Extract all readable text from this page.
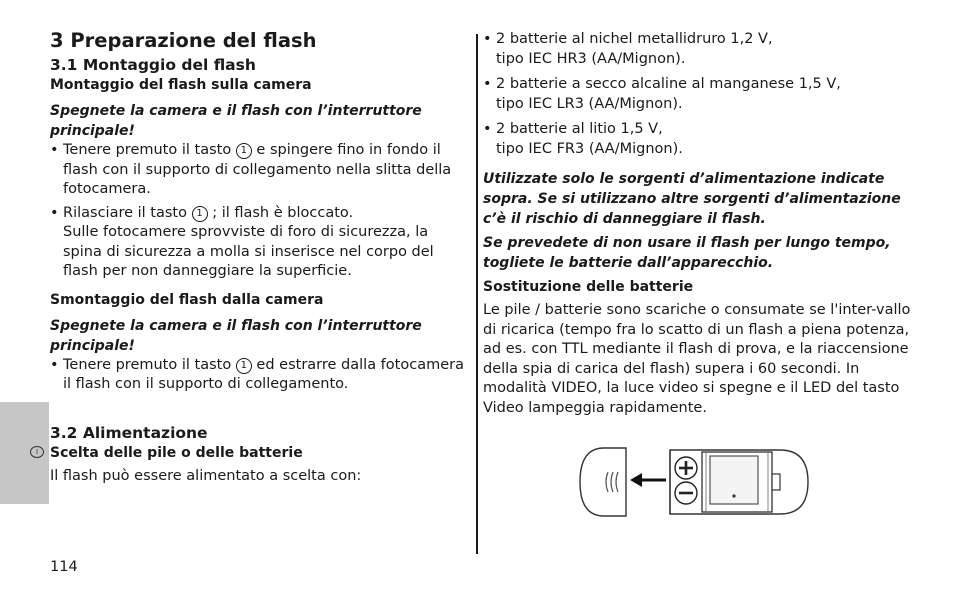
I
3 Preparazione del flash
3.1 Montaggio del flash
Montaggio del flash sulla camera

Spegnete la camera e il flash con l’interruttore principale!

• Tenere premuto il tasto 1 e spingere fino in fondo il flash con il supporto di collegamento nella slitta della fotocamera.
• Rilasciare il tasto 1 ; il flash è bloccato.
Sulle fotocamere sprovviste di foro di sicurezza, la spina di sicurezza a molla si inserisce nel corpo del flash per non danneggiare la superficie.
Smontaggio del flash dalla camera

Spegnete la camera e il flash con l’interruttore principale!

• Tenere premuto il tasto 1 ed estrarre dalla fotocamera il flash con il supporto di collegamento.
3.2 Alimentazione
Scelta delle pile o delle batterie

Il flash può essere alimentato a scelta con:

• 2 batterie al nichel metallidruro 1,2 V,
tipo IEC HR3 (AA/Mignon).
• 2 batterie a secco alcaline al manganese 1,5 V,
tipo IEC LR3 (AA/Mignon).
• 2 batterie al litio 1,5 V,
tipo IEC FR3 (AA/Mignon).

Utilizzate solo le sorgenti d’alimentazione indicate sopra. Se si utilizzano altre sorgenti d’alimentazione c’è il rischio di danneggiare il flash.

Se prevedete di non usare il flash per lungo tempo, togliete le batterie dall’apparecchio.

Sostituzione delle batterie

Le pile / batterie sono scariche o consumate se l'inter-vallo di ricarica (tempo fra lo scatto di un flash a piena potenza, ad es. con TTL mediante il flash di prova, e la riaccensione della spia di carica del flash) supera i 60 secondi. In modalità VIDEO, la luce video si spegne e il LED del tasto Video lampeggia rapidamente.

114
